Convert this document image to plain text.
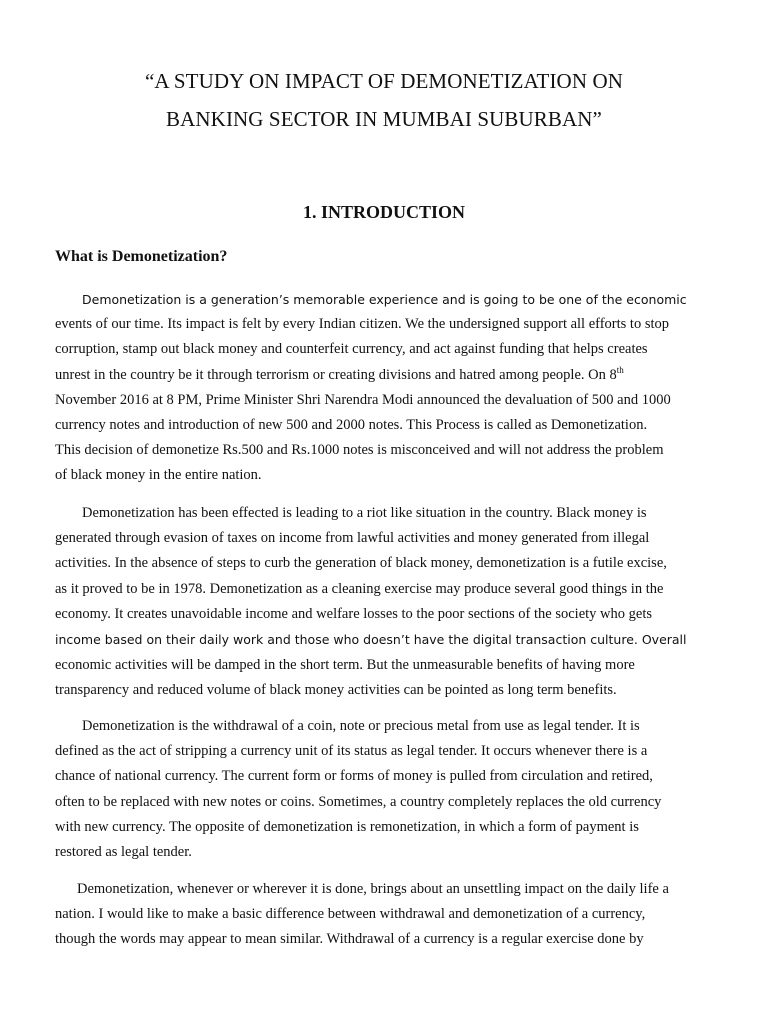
“A STUDY ON IMPACT OF DEMONETIZATION ON
BANKING SECTOR IN MUMBAI SUBURBAN”
1. INTRODUCTION
What is Demonetization?

Demonetization is a generation’s memorable experience and is going to be one of the economic
events of our time. Its impact is felt by every Indian citizen. We the undersigned support all efforts to stop
corruption, stamp out black money and counterfeit currency, and act against funding that helps creates
unrest in the country be it through terrorism or creating divisions and hatred among people. On 8th
November 2016 at 8 PM, Prime Minister Shri Narendra Modi announced the devaluation of 500 and 1000
currency notes and introduction of new 500 and 2000 notes. This Process is called as Demonetization.
This decision of demonetize Rs.500 and Rs.1000 notes is misconceived and will not address the problem
of black money in the entire nation.

Demonetization has been effected is leading to a riot like situation in the country. Black money is
generated through evasion of taxes on income from lawful activities and money generated from illegal
activities. In the absence of steps to curb the generation of black money, demonetization is a futile excise,
as it proved to be in 1978. Demonetization as a cleaning exercise may produce several good things in the
economy. It creates unavoidable income and welfare losses to the poor sections of the society who gets
income based on their daily work and those who doesn’t have the digital transaction culture. Overall
economic activities will be damped in the short term. But the unmeasurable benefits of having more
transparency and reduced volume of black money activities can be pointed as long term benefits.

Demonetization is the withdrawal of a coin, note or precious metal from use as legal tender. It is
defined as the act of stripping a currency unit of its status as legal tender. It occurs whenever there is a
chance of national currency. The current form or forms of money is pulled from circulation and retired,
often to be replaced with new notes or coins. Sometimes, a country completely replaces the old currency
with new currency. The opposite of demonetization is remonetization, in which a form of payment is
restored as legal tender.

Demonetization, whenever or wherever it is done, brings about an unsettling impact on the daily life a
nation. I would like to make a basic difference between withdrawal and demonetization of a currency,
though the words may appear to mean similar. Withdrawal of a currency is a regular exercise done by
